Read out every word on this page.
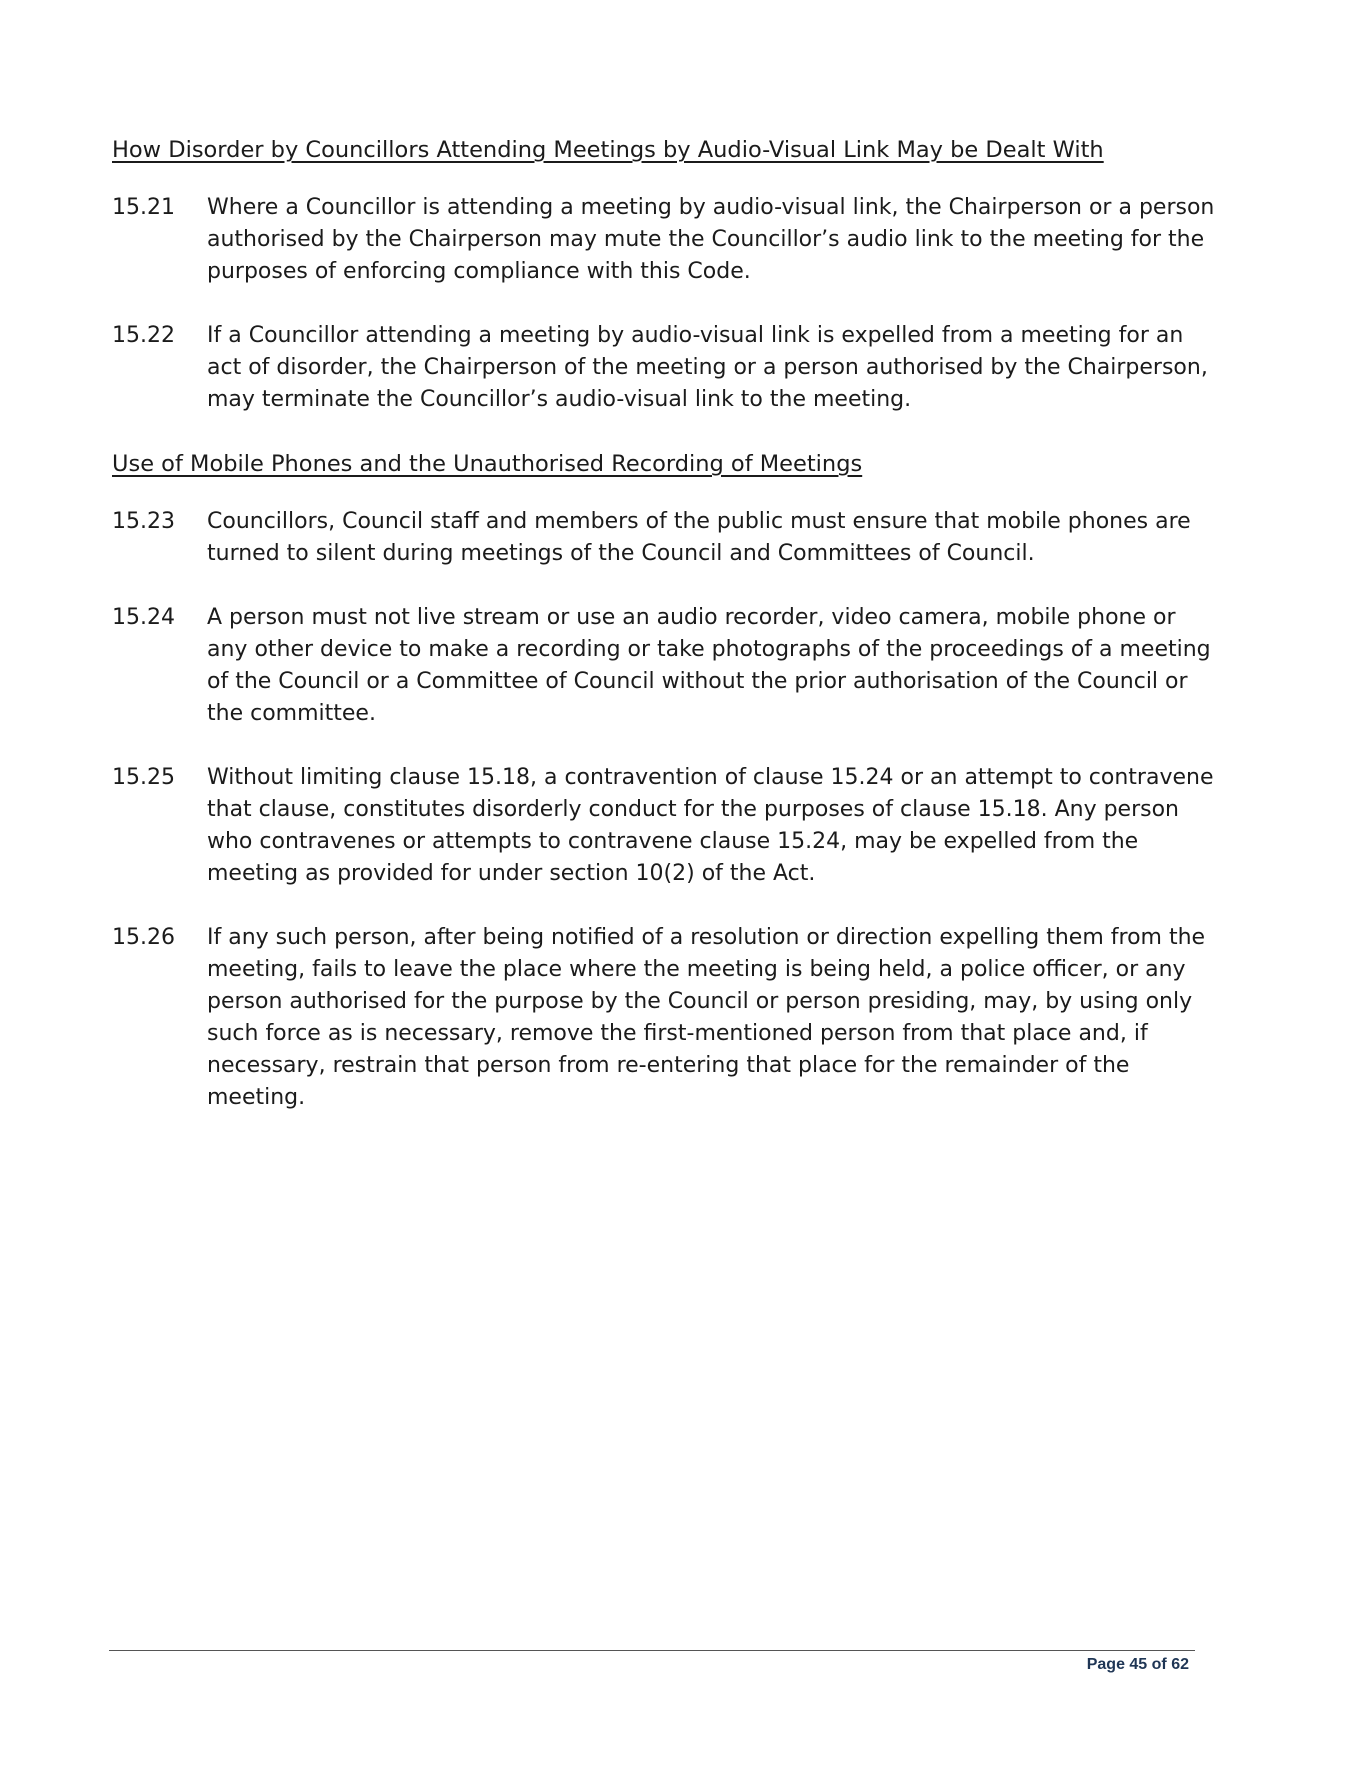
How Disorder by Councillors Attending Meetings by Audio-Visual Link May be Dealt With
15.21 Where a Councillor is attending a meeting by audio-visual link, the Chairperson or a person authorised by the Chairperson may mute the Councillor’s audio link to the meeting for the purposes of enforcing compliance with this Code.
15.22 If a Councillor attending a meeting by audio-visual link is expelled from a meeting for an act of disorder, the Chairperson of the meeting or a person authorised by the Chairperson, may terminate the Councillor’s audio-visual link to the meeting.
Use of Mobile Phones and the Unauthorised Recording of Meetings
15.23 Councillors, Council staff and members of the public must ensure that mobile phones are turned to silent during meetings of the Council and Committees of Council.
15.24 A person must not live stream or use an audio recorder, video camera, mobile phone or any other device to make a recording or take photographs of the proceedings of a meeting of the Council or a Committee of Council without the prior authorisation of the Council or the committee.
15.25 Without limiting clause 15.18, a contravention of clause 15.24 or an attempt to contravene that clause, constitutes disorderly conduct for the purposes of clause 15.18. Any person who contravenes or attempts to contravene clause 15.24, may be expelled from the meeting as provided for under section 10(2) of the Act.
15.26 If any such person, after being notified of a resolution or direction expelling them from the meeting, fails to leave the place where the meeting is being held, a police officer, or any person authorised for the purpose by the Council or person presiding, may, by using only such force as is necessary, remove the first-mentioned person from that place and, if necessary, restrain that person from re-entering that place for the remainder of the meeting.
Page 45 of 62
